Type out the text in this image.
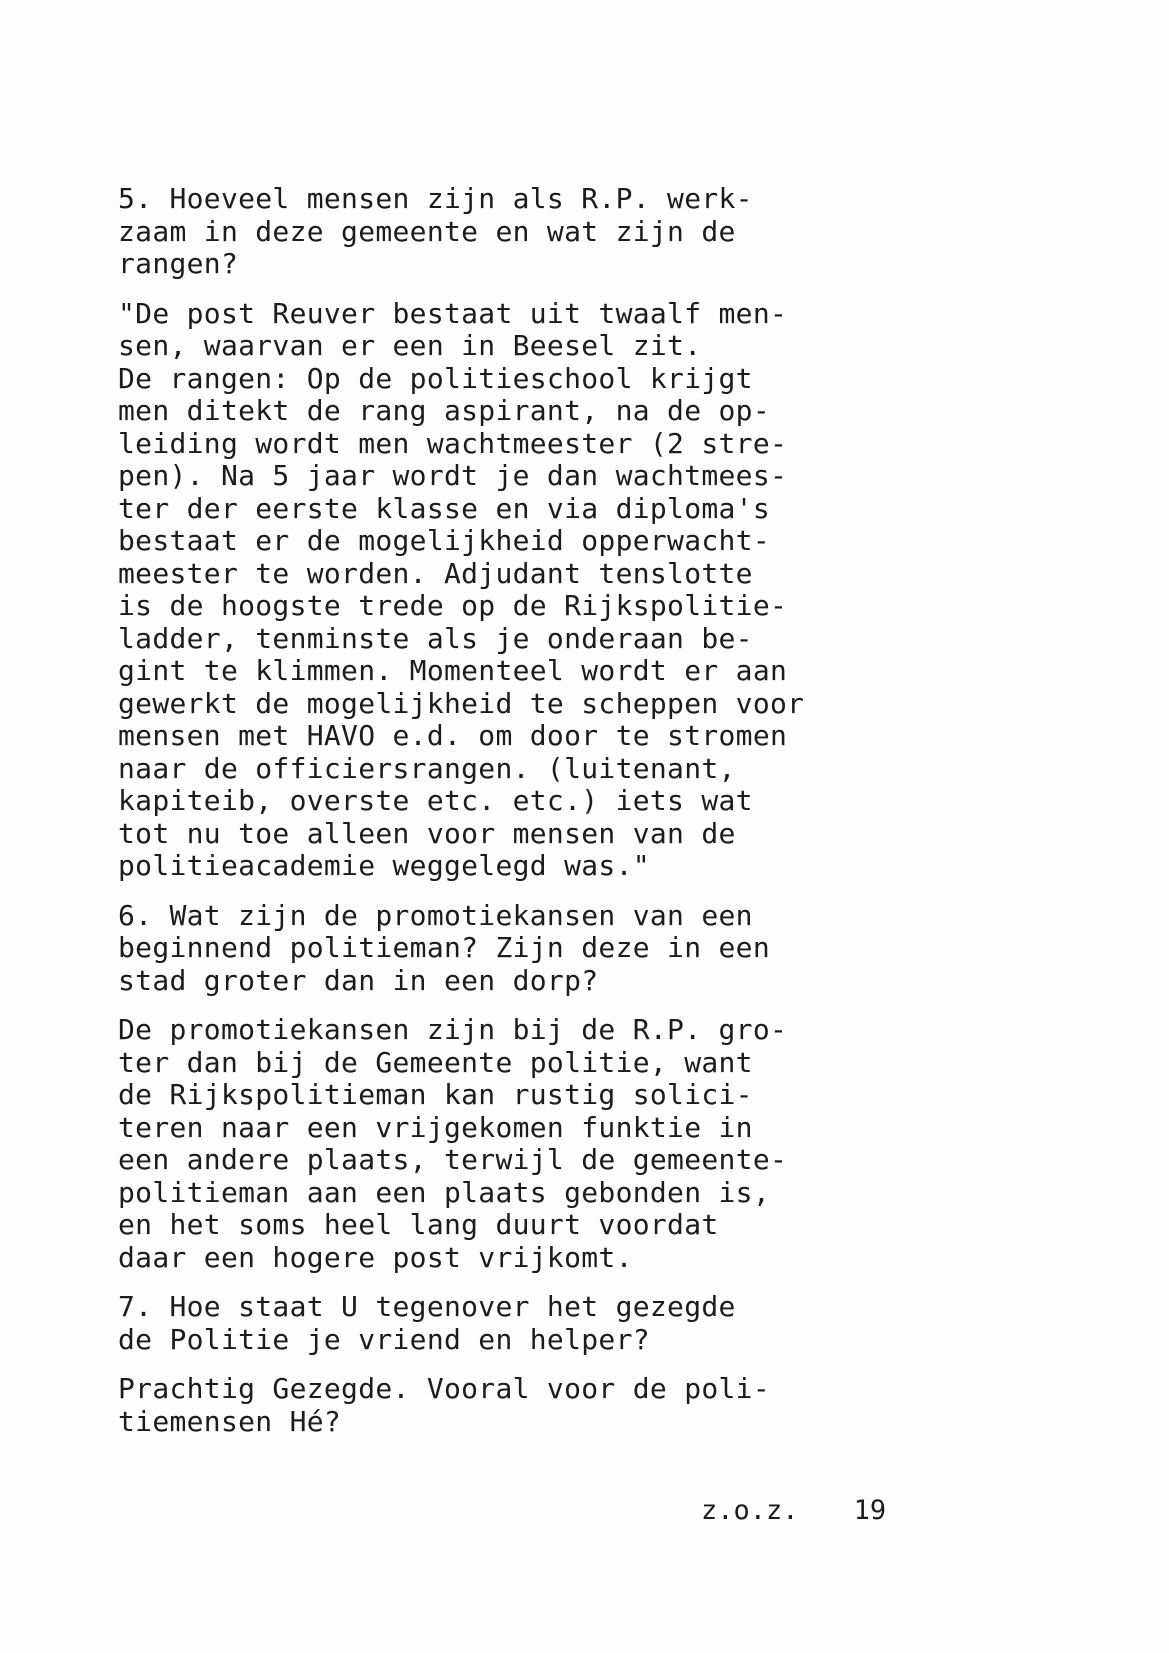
5. Hoeveel mensen zijn als R.P. werk-
zaam in deze gemeente en wat zijn de
rangen?
"De post Reuver bestaat uit twaalf men-
sen, waarvan er een in Beesel zit.
De rangen: Op de politieschool krijgt
men ditekt de rang aspirant, na de op-
leiding wordt men wachtmeester (2 stre-
pen). Na 5 jaar wordt je dan wachtmees-
ter der eerste klasse en via diploma's
bestaat er de mogelijkheid opperwacht-
meester te worden. Adjudant tenslotte
is de hoogste trede op de Rijkspolitie-
ladder, tenminste als je onderaan be-
gint te klimmen. Momenteel wordt er aan
gewerkt de mogelijkheid te scheppen voor
mensen met HAVO e.d. om door te stromen
naar de officiersrangen. (luitenant,
kapiteib, overste etc. etc.) iets wat
tot nu toe alleen voor mensen van de
politieacademie weggelegd was."
6. Wat zijn de promotiekansen van een
beginnend politieman? Zijn deze in een
stad groter dan in een dorp?
De promotiekansen zijn bij de R.P. gro-
ter dan bij de Gemeente politie, want
de Rijkspolitieman kan rustig solici-
teren naar een vrijgekomen funktie in
een andere plaats, terwijl de gemeente-
politieman aan een plaats gebonden is,
en het soms heel lang duurt voordat
daar een hogere post vrijkomt.
7. Hoe staat U tegenover het gezegde
de Politie je vriend en helper?
Prachtig Gezegde. Vooral voor de poli-
tiemensen Hé?

z.o.z. 19
